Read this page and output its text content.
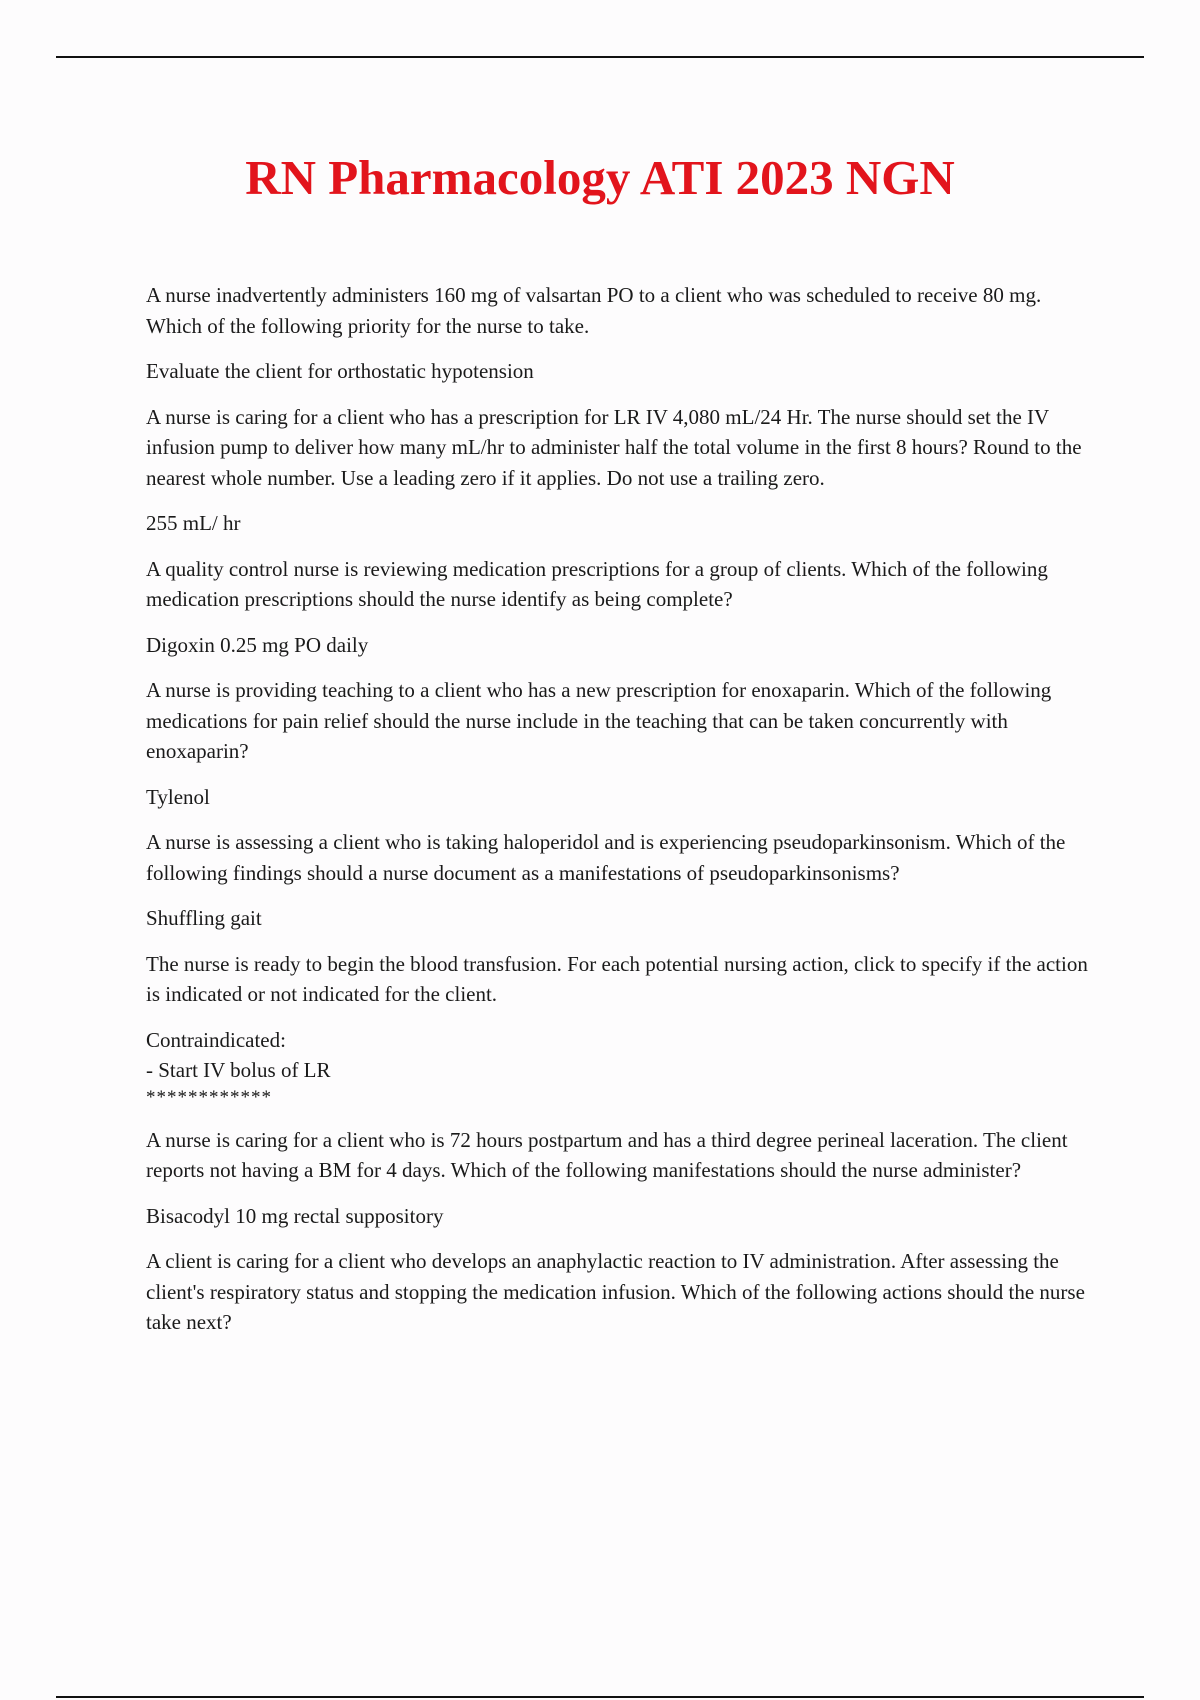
RN Pharmacology ATI 2023 NGN

A nurse inadvertently administers 160 mg of valsartan PO to a client who was scheduled to receive 80 mg. Which of the following priority for the nurse to take.

Evaluate the client for orthostatic hypotension

A nurse is caring for a client who has a prescription for LR IV 4,080 mL/24 Hr. The nurse should set the IV infusion pump to deliver how many mL/hr to administer half the total volume in the first 8 hours? Round to the nearest whole number. Use a leading zero if it applies. Do not use a trailing zero.

255 mL/ hr

A quality control nurse is reviewing medication prescriptions for a group of clients. Which of the following medication prescriptions should the nurse identify as being complete?

Digoxin 0.25 mg PO daily

A nurse is providing teaching to a client who has a new prescription for enoxaparin. Which of the following medications for pain relief should the nurse include in the teaching that can be taken concurrently with enoxaparin?

Tylenol

A nurse is assessing a client who is taking haloperidol and is experiencing pseudoparkinsonism. Which of the following findings should a nurse document as a manifestations of pseudoparkinsonisms?

Shuffling gait

The nurse is ready to begin the blood transfusion. For each potential nursing action, click to specify if the action is indicated or not indicated for the client.

Contraindicated:
- Start IV bolus of LR
************

A nurse is caring for a client who is 72 hours postpartum and has a third degree perineal laceration. The client reports not having a BM for 4 days. Which of the following manifestations should the nurse administer?

Bisacodyl 10 mg rectal suppository

A client is caring for a client who develops an anaphylactic reaction to IV administration. After assessing the client's respiratory status and stopping the medication infusion. Which of the following actions should the nurse take next?
